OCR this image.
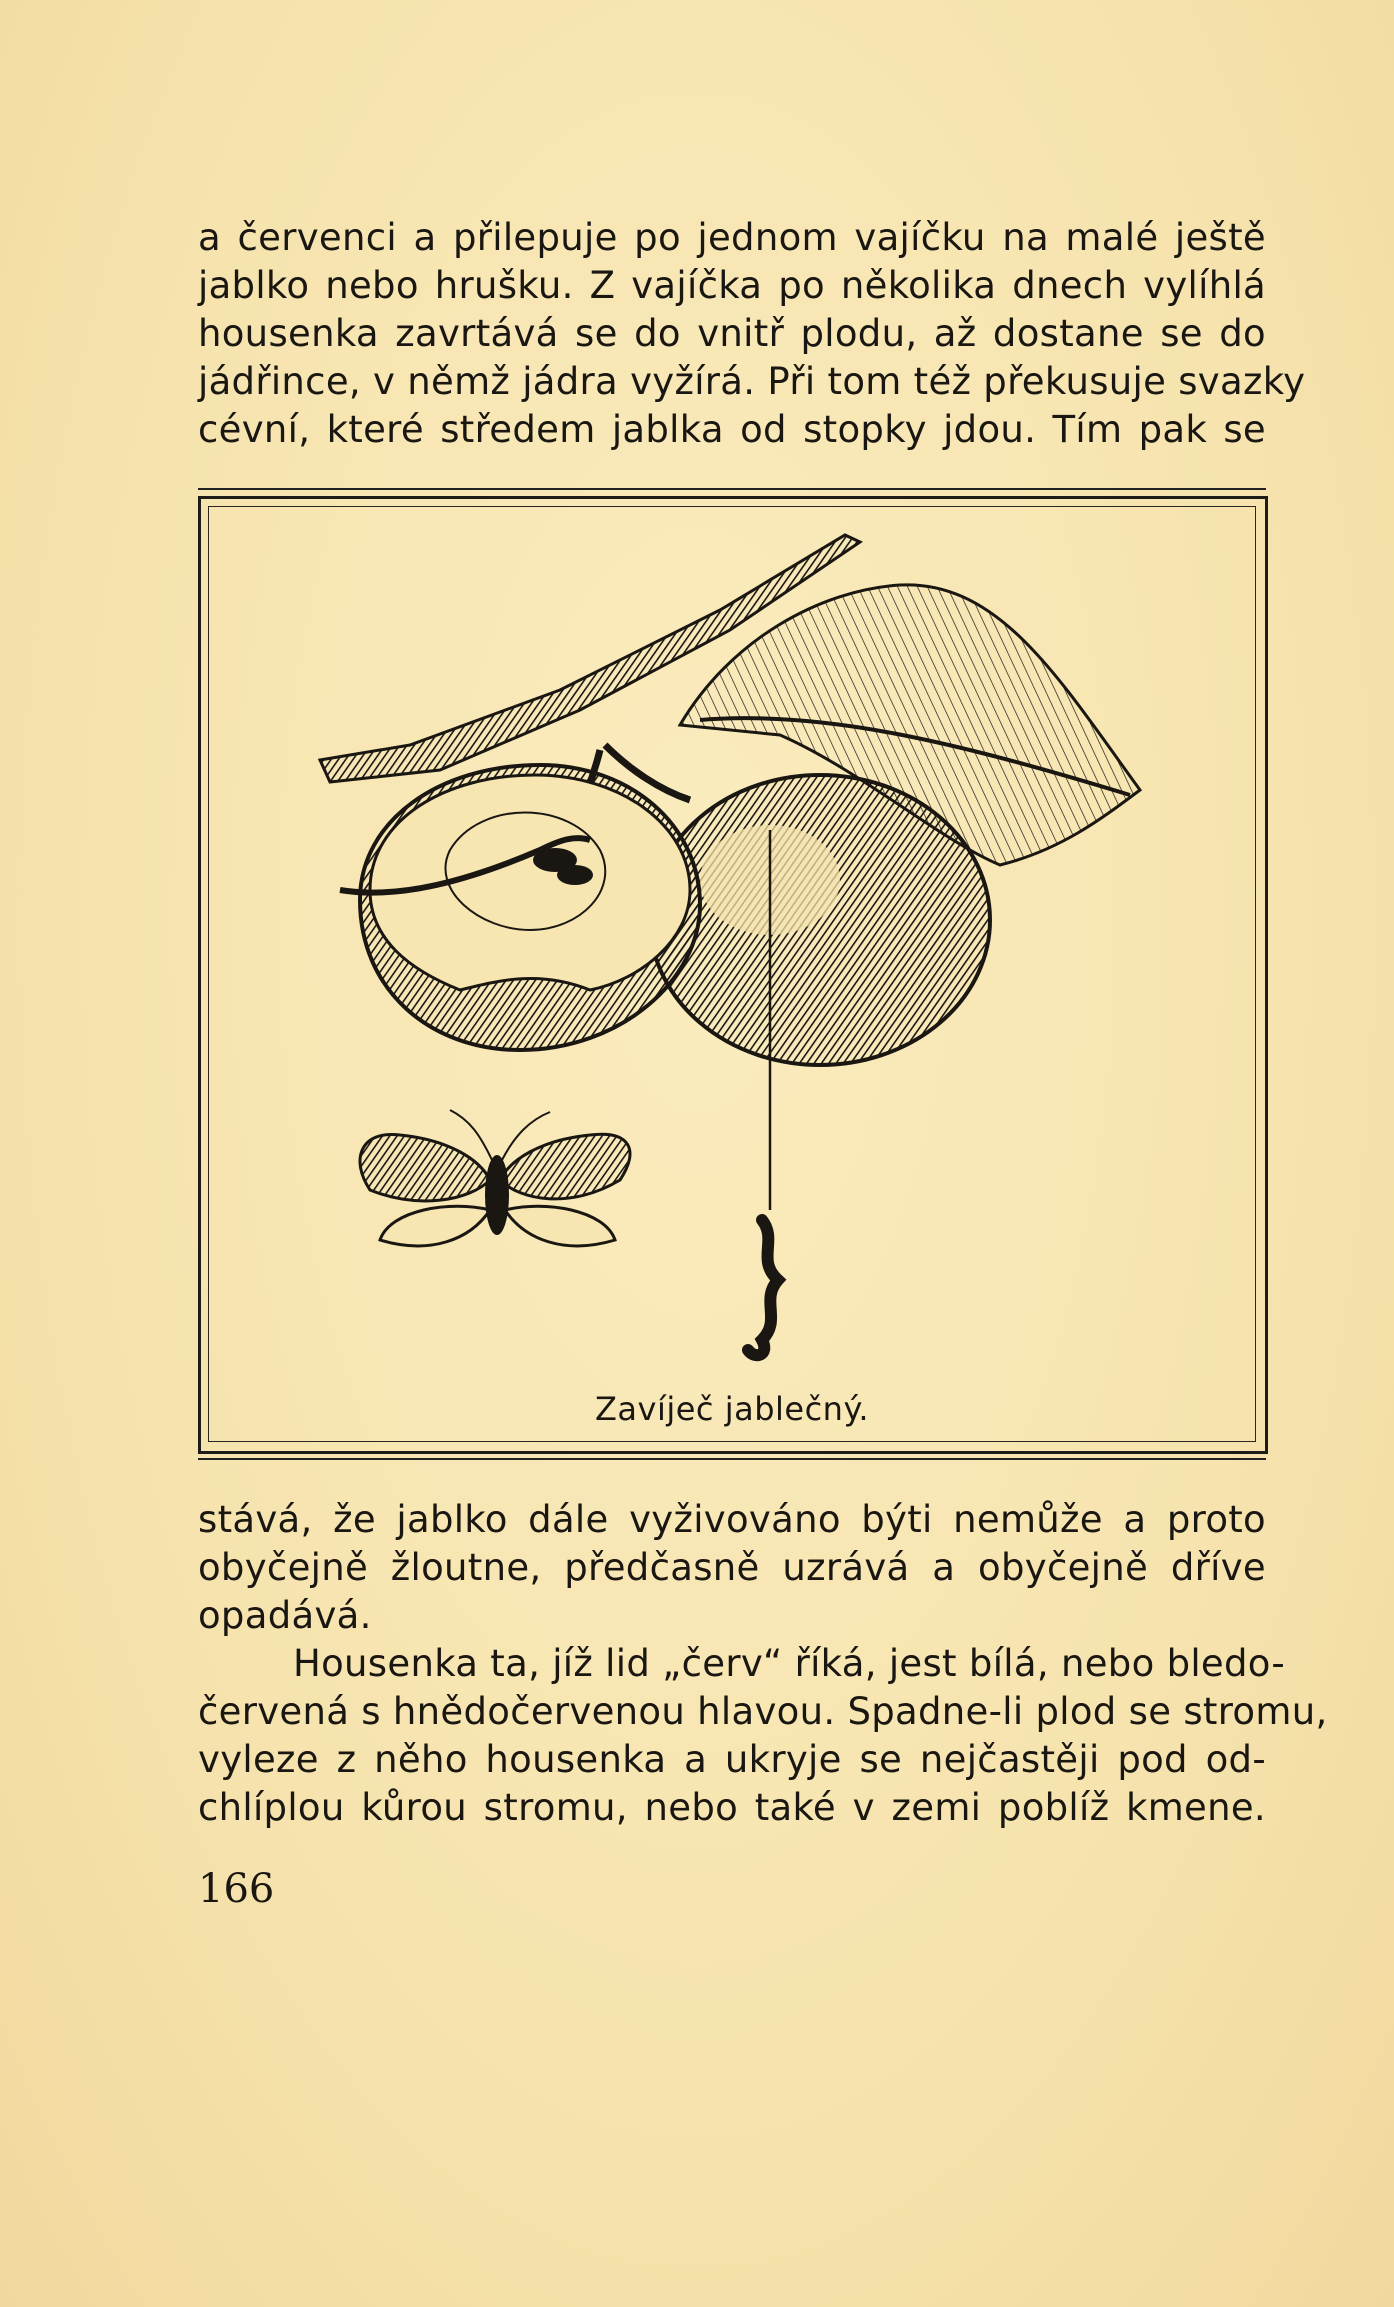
a červenci a přilepuje po jednom vajíčku na malé ještě
jablko nebo hrušku. Z vajíčka po několika dnech vylíhlá
housenka zavrtává se do vnitř plodu, až dostane se do
jádřince, v němž jádra vyžírá. Při tom též překusuje svazky
cévní, které středem jablka od stopky jdou. Tím pak se
Zavíječ jablečný.
stává, že jablko dále vyživováno býti nemůže a proto
obyčejně žloutne, předčasně uzrává a obyčejně dříve
opadává.
Housenka ta, jíž lid „červ“ říká, jest bílá, nebo bledo-
červená s hnědočervenou hlavou. Spadne-li plod se stromu,
vyleze z něho housenka a ukryje se nejčastěji pod od-
chlíplou kůrou stromu, nebo také v zemi poblíž kmene.
166
